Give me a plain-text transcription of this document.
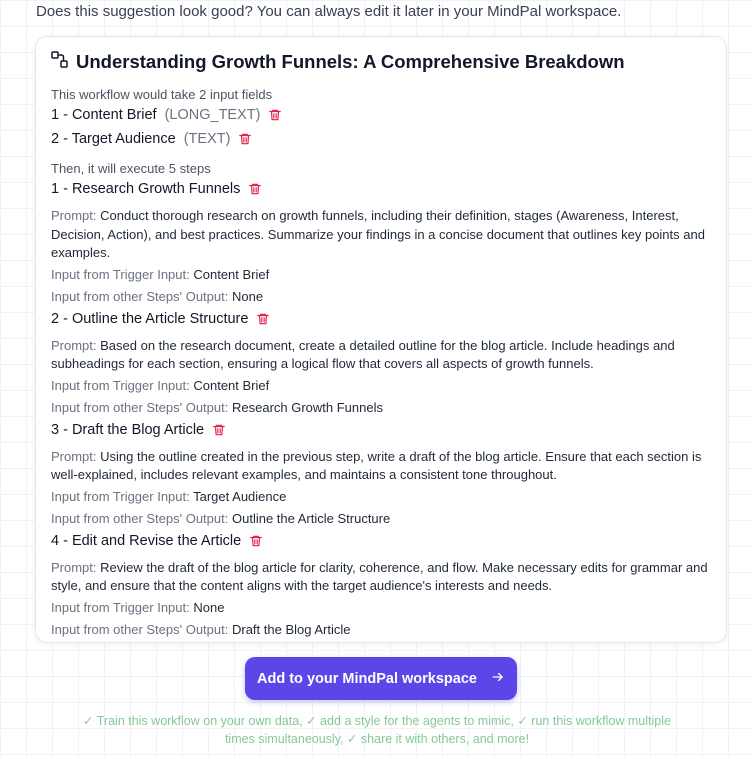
Does this suggestion look good? You can always edit it later in your MindPal workspace.

Understanding Growth Funnels: A Comprehensive Breakdown

This workflow would take 2 input fields

1 - Content Brief (LONG_TEXT)
2 - Target Audience (TEXT)

Then, it will execute 5 steps

1 - Research Growth Funnels

Prompt: Conduct thorough research on growth funnels, including their definition, stages (Awareness, Interest, Decision, Action), and best practices. Summarize your findings in a concise document that outlines key points and examples.

Input from Trigger Input: Content Brief

Input from other Steps' Output: None

2 - Outline the Article Structure

Prompt: Based on the research document, create a detailed outline for the blog article. Include headings and subheadings for each section, ensuring a logical flow that covers all aspects of growth funnels.

Input from Trigger Input: Content Brief

Input from other Steps' Output: Research Growth Funnels

3 - Draft the Blog Article

Prompt: Using the outline created in the previous step, write a draft of the blog article. Ensure that each section is well-explained, includes relevant examples, and maintains a consistent tone throughout.

Input from Trigger Input: Target Audience

Input from other Steps' Output: Outline the Article Structure

4 - Edit and Revise the Article

Prompt: Review the draft of the blog article for clarity, coherence, and flow. Make necessary edits for grammar and style, and ensure that the content aligns with the target audience's interests and needs.

Input from Trigger Input: None

Input from other Steps' Output: Draft the Blog Article

Add to your MindPal workspace
✓ Train this workflow on your own data, ✓ add a style for the agents to mimic, ✓ run this workflow multiple times simultaneously, ✓ share it with others, and more!
